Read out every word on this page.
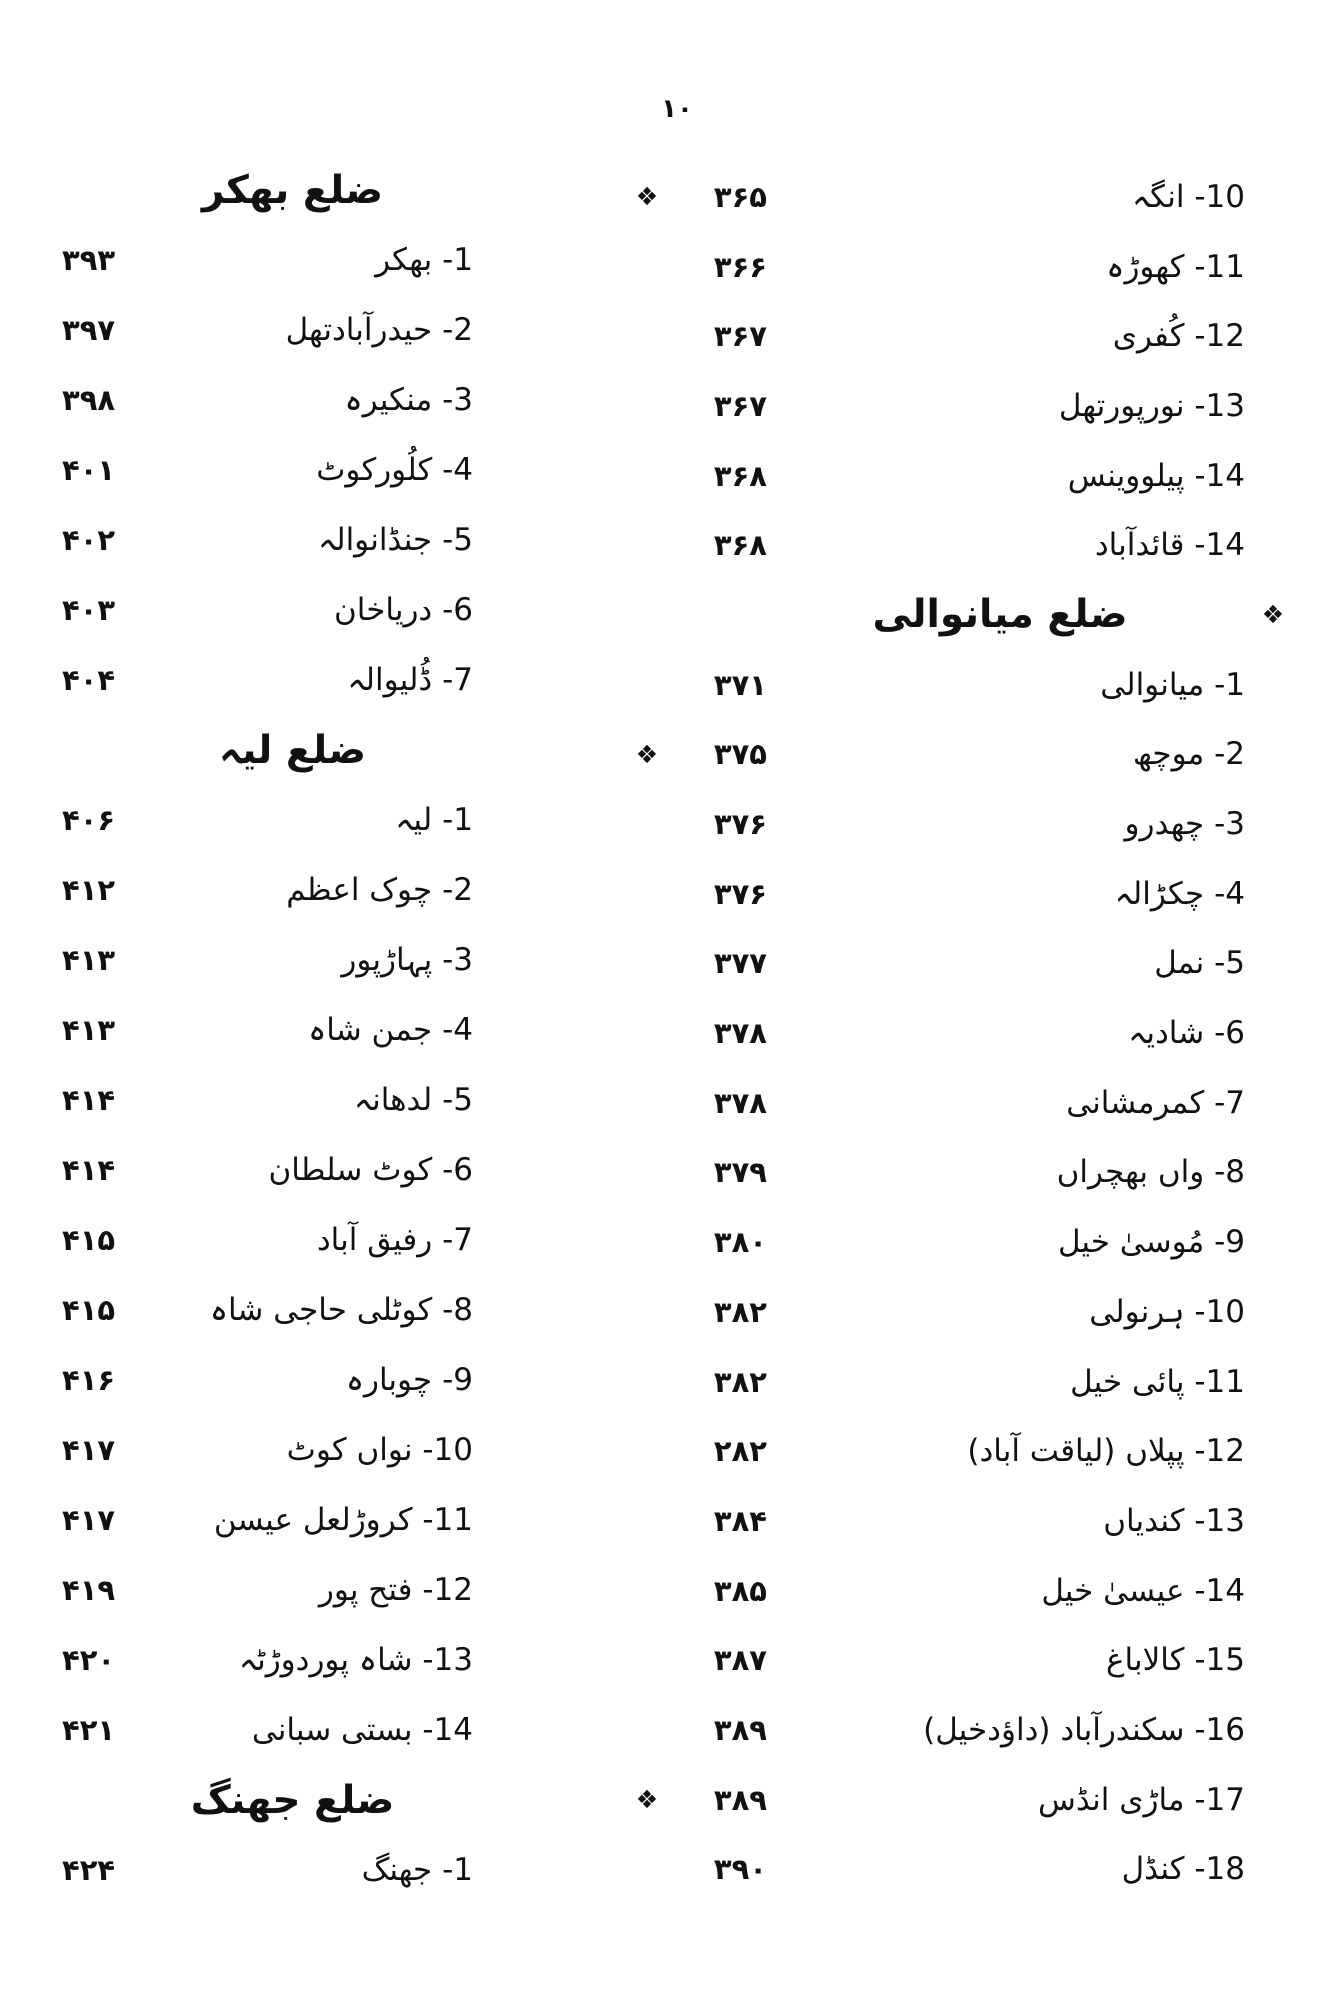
۱۰
10- انگہ
۳۶۵
❖
11- کھوڑہ
۳۶۶
12- کُفری
۳۶۷
13- نورپورتھل
۳۶۷
14- پیلووینس
۳۶۸
14- قائدآباد
۳۶۸
ضلع میانوالی	❖
1- میانوالی
۳۷۱
2- موچھ
۳۷۵
❖
3- چھدرو
۳۷۶
4- چکڑالہ
۳۷۶
5- نمل
۳۷۷
6- شادیہ
۳۷۸
7- کمرمشانی
۳۷۸
8- واں بھچراں
۳۷۹
9- مُوسیٰ خیل
۳۸۰
10- ہرنولی
۳۸۲
11- پائی خیل
۳۸۲
12- پپلاں (لیاقت آباد)
۲۸۲
13- کندیاں
۳۸۴
14- عیسیٰ خیل
۳۸۵
15- کالاباغ
۳۸۷
16- سکندرآباد (داؤدخیل)
۳۸۹
17- ماڑی انڈس
۳۸۹
❖
18- کنڈل
۳۹۰
ضلع بھکر
1- بھکر
۳۹۳
2- حیدرآبادتھل
۳۹۷
3- منکیرہ
۳۹۸
4- کلُورکوٹ
۴۰۱
5- جنڈانوالہ
۴۰۲
6- دریاخان
۴۰۳
7- ڈُلیوالہ
۴۰۴
ضلع لیہ
1- لیہ
۴۰۶
2- چوک اعظم
۴۱۲
3- پہاڑپور
۴۱۳
4- جمن شاہ
۴۱۳
5- لدھانہ
۴۱۴
6- کوٹ سلطان
۴۱۴
7- رفیق آباد
۴۱۵
8- کوٹلی حاجی شاہ
۴۱۵
9- چوبارہ
۴۱۶
10- نواں کوٹ
۴۱۷
11- کروڑلعل عیسن
۴۱۷
12- فتح پور
۴۱۹
13- شاہ پوردوڑٹہ
۴۲۰
14- بستی سبانی
۴۲۱
ضلع جھنگ
1- جھنگ
۴۲۴
